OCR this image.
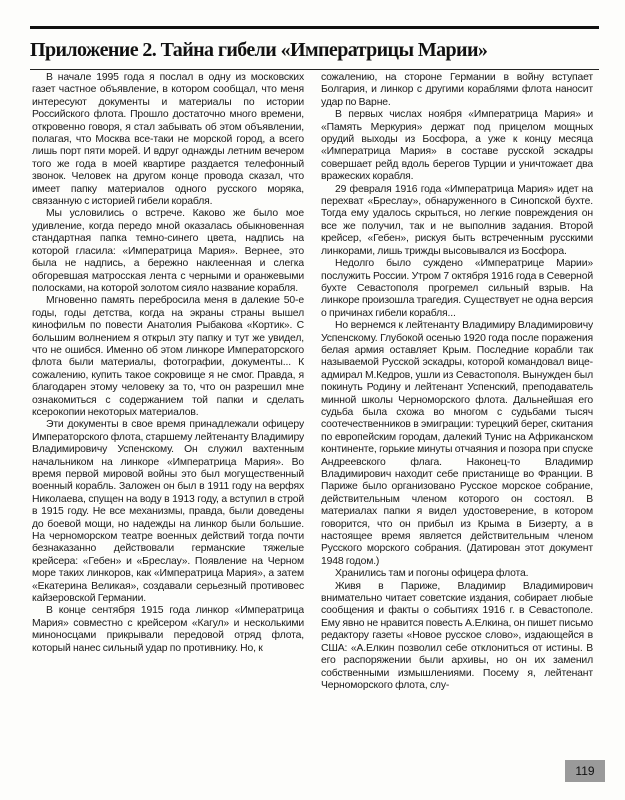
Приложение 2. Тайна гибели «Императрицы Марии»

В начале 1995 года я послал в одну из московских газет частное объявление, в котором сообщал, что меня интересуют документы и материалы по истории Российского флота. Прошло достаточно много времени, откровенно говоря, я стал забывать об этом объявлении, полагая, что Москва все-таки не морской город, а всего лишь порт пяти морей. И вдруг однажды летним вечером того же года в моей квартире раздается телефонный звонок. Человек на другом конце провода сказал, что имеет папку материалов одного русского моряка, связанную с историей гибели корабля.

Мы условились о встрече. Каково же было мое удивление, когда передо мной оказалась обыкновенная стандартная папка темно-синего цвета, надпись на которой гласила: «Императрица Мария». Вернее, это была не надпись, а бережно наклеенная и слегка обгоревшая матросская лента с черными и оранжевыми полосками, на которой золотом сияло название корабля.

Мгновенно память перебросила меня в далекие 50-е годы, годы детства, когда на экраны страны вышел кинофильм по повести Анатолия Рыбакова «Кортик». С большим волнением я открыл эту папку и тут же увидел, что не ошибся. Именно об этом линкоре Императорского флота были материалы, фотографии, документы... К сожалению, купить такое сокровище я не смог. Правда, я благодарен этому человеку за то, что он разрешил мне ознакомиться с содержанием той папки и сделать ксерокопии некоторых материалов.

Эти документы в свое время принадлежали офицеру Императорского флота, старшему лейтенанту Владимиру Владимировичу Успенскому. Он служил вахтенным начальником на линкоре «Императрица Мария». Во время первой мировой войны это был могущественный военный корабль. Заложен он был в 1911 году на верфях Николаева, спущен на воду в 1913 году, а вступил в строй в 1915 году. Не все механизмы, правда, были доведены до боевой мощи, но надежды на линкор были большие. На черноморском театре военных действий тогда почти безнаказанно действовали германские тяжелые крейсера: «Гебен» и «Бреслау». Появление на Черном море таких линкоров, как «Императрица Мария», а затем «Екатерина Великая», создавали серьезный противовес кайзеровской Германии.

В конце сентября 1915 года линкор «Императрица Мария» совместно с крейсером «Кагул» и несколькими миноносцами прикрывали передовой отряд флота, который нанес сильный удар по противнику. Но, к

сожалению, на стороне Германии в войну вступает Болгария, и линкор с другими кораблями флота наносит удар по Варне.

В первых числах ноября «Императрица Мария» и «Память Меркурия» держат под прицелом мощных орудий выходы из Босфора, а уже к концу месяца «Императрица Мария» в составе русской эскадры совершает рейд вдоль берегов Турции и уничтожает два вражеских корабля.

29 февраля 1916 года «Императрица Мария» идет на перехват «Бреслау», обнаруженного в Синопской бухте. Тогда ему удалось скрыться, но легкие повреждения он все же получил, так и не выполнив задания. Второй крейсер, «Гебен», рискуя быть встреченным русскими линкорами, лишь трижды высовывался из Босфора.

Недолго было суждено «Императрице Марии» послужить России. Утром 7 октября 1916 года в Северной бухте Севастополя прогремел сильный взрыв. На линкоре произошла трагедия. Существует не одна версия о причинах гибели корабля...

Но вернемся к лейтенанту Владимиру Владимировичу Успенскому. Глубокой осенью 1920 года после поражения белая армия оставляет Крым. Последние корабли так называемой Русской эскадры, которой командовал вице-адмирал М.Кедров, ушли из Севастополя. Вынужден был покинуть Родину и лейтенант Успенский, преподаватель минной школы Черноморского флота. Дальнейшая его судьба была схожа во многом с судьбами тысяч соотечественников в эмиграции: турецкий берег, скитания по европейским городам, далекий Тунис на Африканском континенте, горькие минуты отчаяния и позора при спуске Андреевского флага. Наконец-то Владимир Владимирович находит себе пристанище во Франции. В Париже было организовано Русское морское собрание, действительным членом которого он состоял. В материалах папки я видел удостоверение, в котором говорится, что он прибыл из Крыма в Бизерту, а в настоящее время является действительным членом Русского морского собрания. (Датирован этот документ 1948 годом.)

Хранились там и погоны офицера флота.

Живя в Париже, Владимир Владимирович внимательно читает советские издания, собирает любые сообщения и факты о событиях 1916 г. в Севастополе. Ему явно не нравится повесть А.Елкина, он пишет письмо редактору газеты «Новое русское слово», издающейся в США: «А.Елкин позволил себе отклониться от истины. В его распоряжении были архивы, но он их заменил собственными измышлениями. Посему я, лейтенант Черноморского флота, слу-

119
